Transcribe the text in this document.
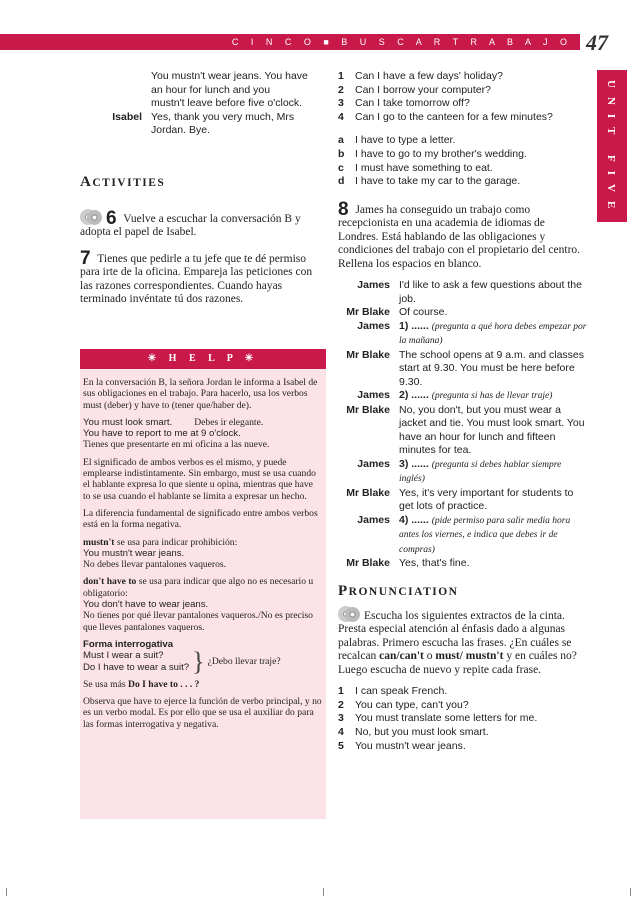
C I N C O ■ B U S C A R T R A B A J O 47
UNIT FIVE
You mustn't wear jeans. You have
an hour for lunch and you
mustn't leave before five o'clock.
Isabel Yes, thank you very much, Mrs
Jordan. Bye.
ACTIVITIES
6 Vuelve a escuchar la conversación B y adopta el papel de Isabel.
7 Tienes que pedirle a tu jefe que te dé permiso para irte de la oficina. Empareja las peticiones con las razones correspondientes. Cuando hayas terminado invéntate tú dos razones.
✳ H E L P ✳

En la conversación B, la señora Jordan le informa a Isabel de sus obligaciones en el trabajo. Para hacerlo, usa los verbos must (deber) y have to (tener que/haber de).

You must look smart. Debes ir elegante.
You have to report to me at 9 o'clock.
Tienes que presentarte en mi oficina a las nueve.

El significado de ambos verbos es el mismo, y puede emplearse indistintamente. Sin embargo, must se usa cuando el hablante expresa lo que siente u opina, mientras que have to se usa cuando el hablante se limita a expresar un hecho.

La diferencia fundamental de significado entre ambos verbos está en la forma negativa.

mustn't se usa para indicar prohibición:
You mustn't wear jeans.
No debes llevar pantalones vaqueros.
don't have to se usa para indicar que algo no es necesario u obligatorio:
You don't have to wear jeans.
No tienes por qué llevar pantalones vaqueros./No es preciso que lleves pantalones vaqueros.
Forma interrogativa
Must I wear a suit?
Do I have to wear a suit? } ¿Debo llevar traje?

Se usa más Do I have to . . . ?

Observa que have to ejerce la función de verbo principal, y no es un verbo modal. Es por ello que se usa el auxiliar do para las formas interrogativa y negativa.

1	Can I have a few days' holiday?
2	Can I borrow your computer?
3	Can I take tomorrow off?
4	Can I go to the canteen for a few minutes?
a	I have to type a letter.
b	I have to go to my brother's wedding.
c	I must have something to eat.
d	I have to take my car to the garage.
8 James ha conseguido un trabajo como recepcionista en una academia de idiomas de Londres. Está hablando de las obligaciones y condiciones del trabajo con el propietario del centro. Rellena los espacios en blanco.
James I'd like to ask a few questions about the job.
Mr Blake Of course.
James 1) ...... (pregunta a qué hora debes empezar por la mañana)
Mr Blake The school opens at 9 a.m. and classes start at 9.30. You must be here before 9.30.
James 2) ...... (pregunta si has de llevar traje)
Mr Blake No, you don't, but you must wear a jacket and tie. You must look smart. You have an hour for lunch and fifteen minutes for tea.
James 3) ...... (pregunta si debes hablar siempre inglés)
Mr Blake Yes, it's very important for students to get lots of practice.
James 4) ...... (pide permiso para salir media hora antes los viernes, e indica que debes ir de compras)
Mr Blake Yes, that's fine.
PRONUNCIATION
Escucha los siguientes extractos de la cinta. Presta especial atención al énfasis dado a algunas palabras. Primero escucha las frases. ¿En cuáles se recalcan can/can't o must/ mustn't y en cuáles no? Luego escucha de nuevo y repite cada frase.
1	I can speak French.
2	You can type, can't you?
3	You must translate some letters for me.
4	No, but you must look smart.
5	You mustn't wear jeans.
